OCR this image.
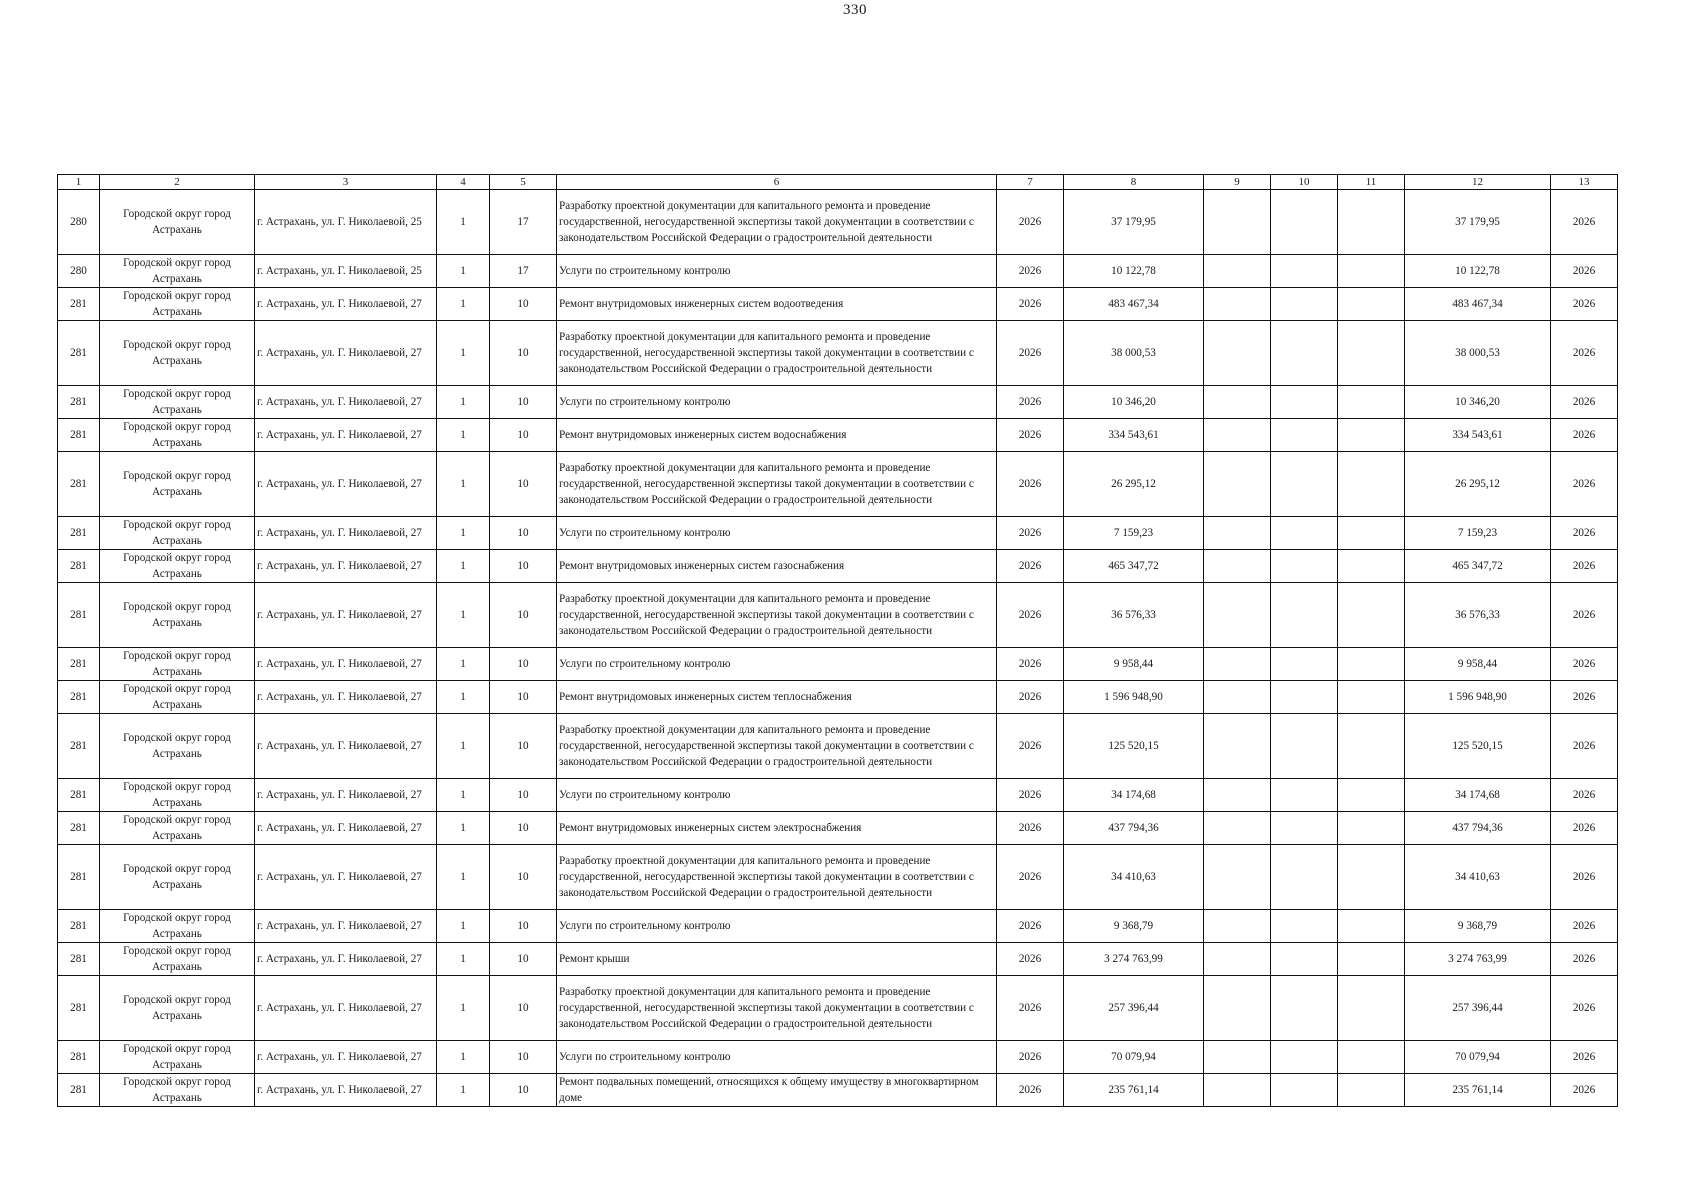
330
1	2	3	4	5	6	7	8	9	10	11	12	13
280	Городской округ город Астрахань	г. Астрахань, ул. Г. Николаевой, 25	1	17	Разработку проектной документации для капитального ремонта и проведение государственной, негосударственной экспертизы такой документации в соответствии с законодательством Российской Федерации о градостроительной деятельности	2026	37 179,95				37 179,95	2026
280	Городской округ город Астрахань	г. Астрахань, ул. Г. Николаевой, 25	1	17	Услуги по строительному контролю	2026	10 122,78				10 122,78	2026
281	Городской округ город Астрахань	г. Астрахань, ул. Г. Николаевой, 27	1	10	Ремонт внутридомовых инженерных систем водоотведения	2026	483 467,34				483 467,34	2026
281	Городской округ город Астрахань	г. Астрахань, ул. Г. Николаевой, 27	1	10	Разработку проектной документации для капитального ремонта и проведение государственной, негосударственной экспертизы такой документации в соответствии с законодательством Российской Федерации о градостроительной деятельности	2026	38 000,53				38 000,53	2026
281	Городской округ город Астрахань	г. Астрахань, ул. Г. Николаевой, 27	1	10	Услуги по строительному контролю	2026	10 346,20				10 346,20	2026
281	Городской округ город Астрахань	г. Астрахань, ул. Г. Николаевой, 27	1	10	Ремонт внутридомовых инженерных систем водоснабжения	2026	334 543,61				334 543,61	2026
281	Городской округ город Астрахань	г. Астрахань, ул. Г. Николаевой, 27	1	10	Разработку проектной документации для капитального ремонта и проведение государственной, негосударственной экспертизы такой документации в соответствии с законодательством Российской Федерации о градостроительной деятельности	2026	26 295,12				26 295,12	2026
281	Городской округ город Астрахань	г. Астрахань, ул. Г. Николаевой, 27	1	10	Услуги по строительному контролю	2026	7 159,23				7 159,23	2026
281	Городской округ город Астрахань	г. Астрахань, ул. Г. Николаевой, 27	1	10	Ремонт внутридомовых инженерных систем газоснабжения	2026	465 347,72				465 347,72	2026
281	Городской округ город Астрахань	г. Астрахань, ул. Г. Николаевой, 27	1	10	Разработку проектной документации для капитального ремонта и проведение государственной, негосударственной экспертизы такой документации в соответствии с законодательством Российской Федерации о градостроительной деятельности	2026	36 576,33				36 576,33	2026
281	Городской округ город Астрахань	г. Астрахань, ул. Г. Николаевой, 27	1	10	Услуги по строительному контролю	2026	9 958,44				9 958,44	2026
281	Городской округ город Астрахань	г. Астрахань, ул. Г. Николаевой, 27	1	10	Ремонт внутридомовых инженерных систем теплоснабжения	2026	1 596 948,90				1 596 948,90	2026
281	Городской округ город Астрахань	г. Астрахань, ул. Г. Николаевой, 27	1	10	Разработку проектной документации для капитального ремонта и проведение государственной, негосударственной экспертизы такой документации в соответствии с законодательством Российской Федерации о градостроительной деятельности	2026	125 520,15				125 520,15	2026
281	Городской округ город Астрахань	г. Астрахань, ул. Г. Николаевой, 27	1	10	Услуги по строительному контролю	2026	34 174,68				34 174,68	2026
281	Городской округ город Астрахань	г. Астрахань, ул. Г. Николаевой, 27	1	10	Ремонт внутридомовых инженерных систем электроснабжения	2026	437 794,36				437 794,36	2026
281	Городской округ город Астрахань	г. Астрахань, ул. Г. Николаевой, 27	1	10	Разработку проектной документации для капитального ремонта и проведение государственной, негосударственной экспертизы такой документации в соответствии с законодательством Российской Федерации о градостроительной деятельности	2026	34 410,63				34 410,63	2026
281	Городской округ город Астрахань	г. Астрахань, ул. Г. Николаевой, 27	1	10	Услуги по строительному контролю	2026	9 368,79				9 368,79	2026
281	Городской округ город Астрахань	г. Астрахань, ул. Г. Николаевой, 27	1	10	Ремонт крыши	2026	3 274 763,99				3 274 763,99	2026
281	Городской округ город Астрахань	г. Астрахань, ул. Г. Николаевой, 27	1	10	Разработку проектной документации для капитального ремонта и проведение государственной, негосударственной экспертизы такой документации в соответствии с законодательством Российской Федерации о градостроительной деятельности	2026	257 396,44				257 396,44	2026
281	Городской округ город Астрахань	г. Астрахань, ул. Г. Николаевой, 27	1	10	Услуги по строительному контролю	2026	70 079,94				70 079,94	2026
281	Городской округ город Астрахань	г. Астрахань, ул. Г. Николаевой, 27	1	10	Ремонт подвальных помещений, относящихся к общему имуществу в многоквартирном доме	2026	235 761,14				235 761,14	2026
